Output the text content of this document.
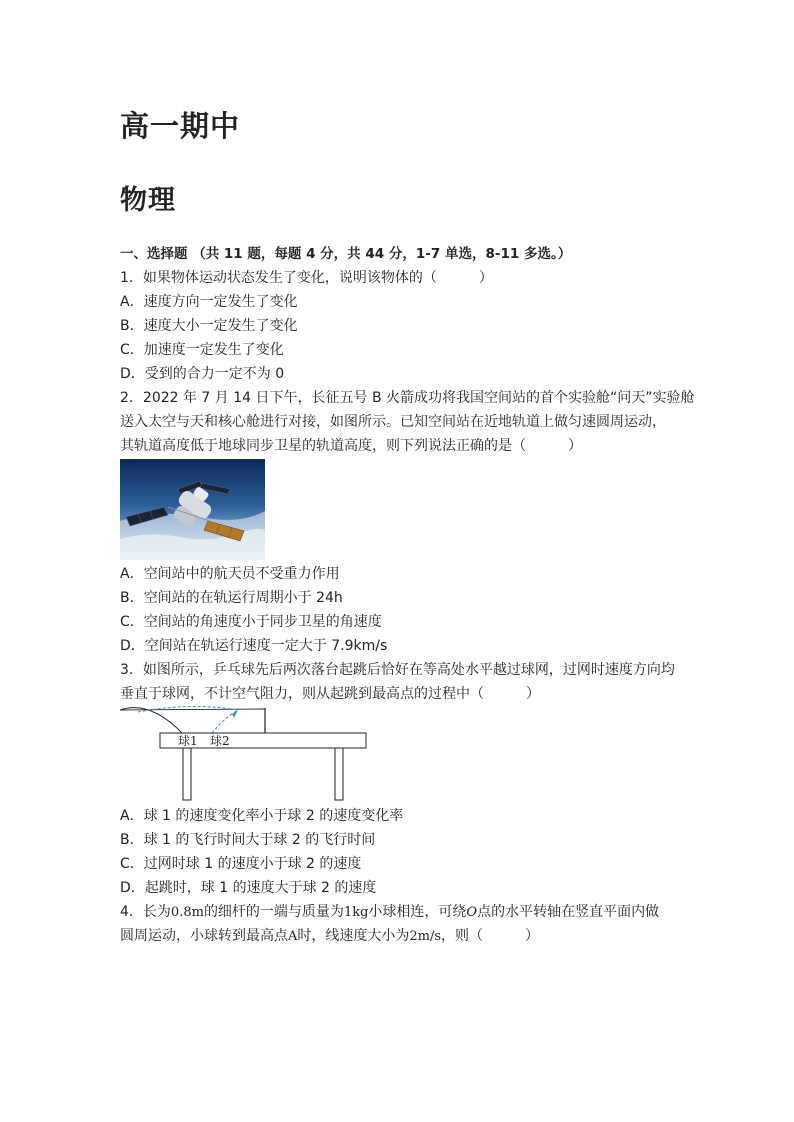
高一期中
物理
一、选择题 （共 11 题，每题 4 分，共 44 分，1-7 单选，8-11 多选。）
1．如果物体运动状态发生了变化，说明该物体的（　　　）
A．速度方向一定发生了变化
B．速度大小一定发生了变化
C．加速度一定发生了变化
D．受到的合力一定不为 0
2．2022 年 7 月 14 日下午，长征五号 B 火箭成功将我国空间站的首个实验舱“问天”实验舱
送入太空与天和核心舱进行对接，如图所示。已知空间站在近地轨道上做匀速圆周运动，
其轨道高度低于地球同步卫星的轨道高度，则下列说法正确的是（　　　）
A．空间站中的航天员不受重力作用
B．空间站的在轨运行周期小于 24h
C．空间站的角速度小于同步卫星的角速度
D．空间站在轨运行速度一定大于 7.9km/s
3．如图所示，乒乓球先后两次落台起跳后恰好在等高处水平越过球网，过网时速度方向均
垂直于球网，不计空气阻力，则从起跳到最高点的过程中（　　　）
球1 球2
A．球 1 的速度变化率小于球 2 的速度变化率
B．球 1 的飞行时间大于球 2 的飞行时间
C．过网时球 1 的速度小于球 2 的速度
D．起跳时，球 1 的速度大于球 2 的速度
4．长为0.8m的细杆的一端与质量为1kg小球相连，可绕O点的水平转轴在竖直平面内做
圆周运动，小球转到最高点A时，线速度大小为2m/s，则（　　　）
